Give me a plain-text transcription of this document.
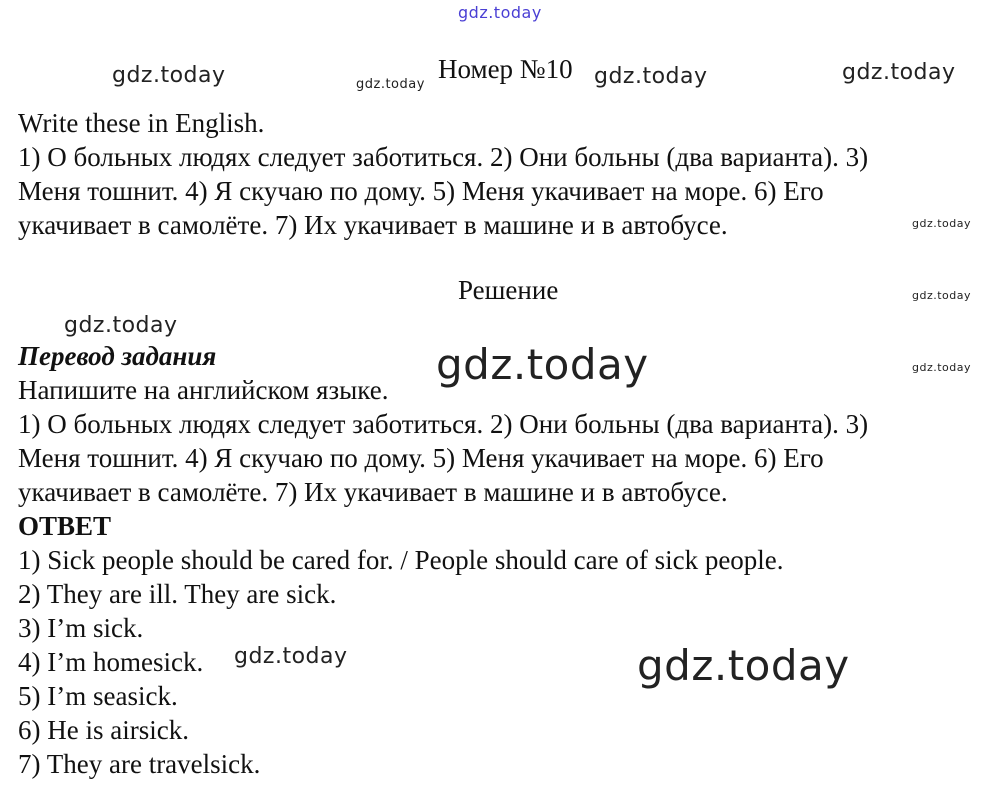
gdz.today
gdz.today	gdz.today	gdz.today	gdz.today
gdz.today
gdz.today
gdz.today
gdz.today	gdz.today
gdz.today	gdz.today
Номер №10
Write these in English.
1) О больных людях следует заботиться. 2) Они больны (два варианта). 3)
Меня тошнит. 4) Я скучаю по дому. 5) Меня укачивает на море. 6) Его
укачивает в самолёте. 7) Их укачивает в машине и в автобусе.
Решение
Перевод задания
Напишите на английском языке.
1) О больных людях следует заботиться. 2) Они больны (два варианта). 3)
Меня тошнит. 4) Я скучаю по дому. 5) Меня укачивает на море. 6) Его
укачивает в самолёте. 7) Их укачивает в машине и в автобусе.
ОТВЕТ
1) Sick people should be cared for. / People should care of sick people.
2) They are ill. They are sick.
3) I’m sick.
4) I’m homesick.
5) I’m seasick.
6) He is airsick.
7) They are travelsick.
